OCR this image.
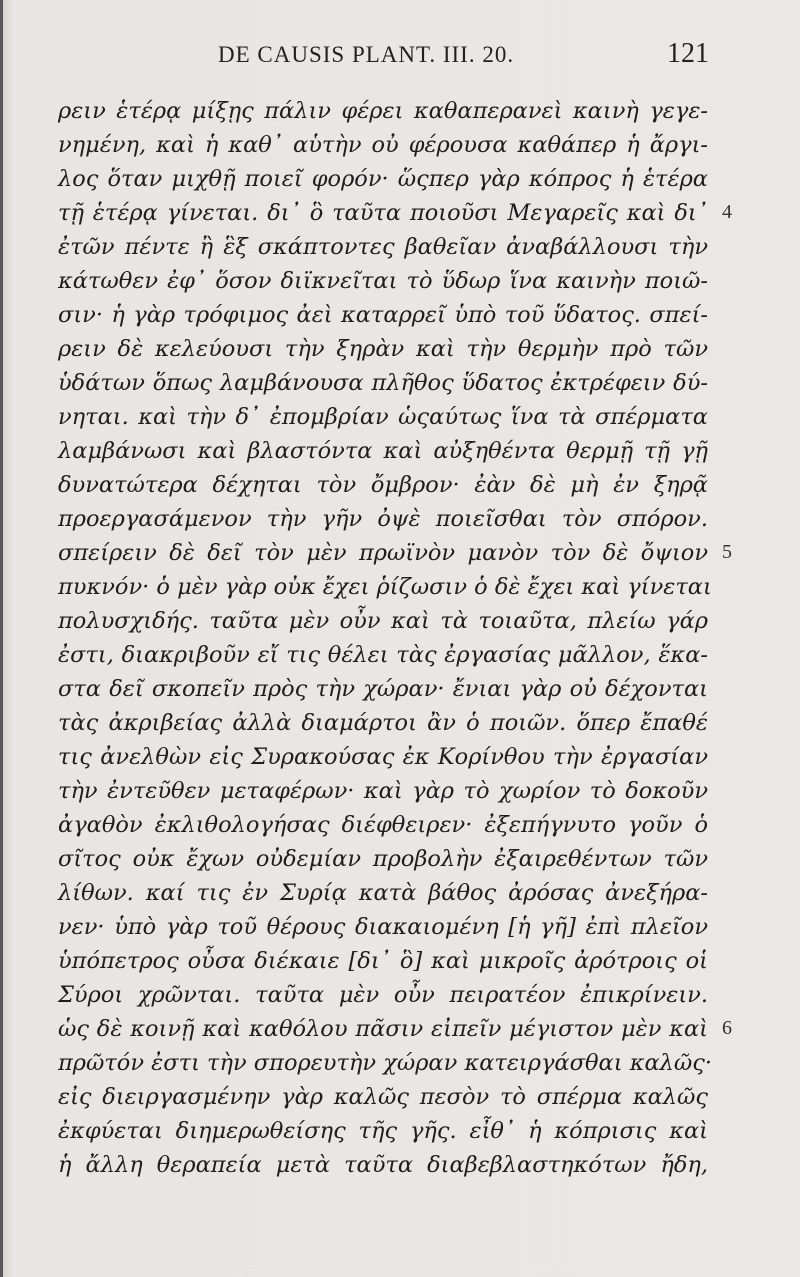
DE CAUSIS PLANT. III. 20.	121
ρειν ἑτέρᾳ μίξῃς πάλιν φέρει καθαπερανεὶ καινὴ γεγε-
νημένη, καὶ ἡ καθ᾽ αὑτὴν οὐ φέρουσα καθάπερ ἡ ἄργι-
λος ὅταν μιχθῇ ποιεῖ φορόν· ὥςπερ γὰρ κόπρος ἡ ἑτέρα
τῇ ἑτέρᾳ γίνεται. δι᾽ ὃ ταῦτα ποιοῦσι Μεγαρεῖς καὶ δι᾽
ἐτῶν πέντε ἢ ἓξ σκάπτοντες βαθεῖαν ἀναβάλλουσι τὴν
κάτωθεν ἐφ᾽ ὅσον διϊκνεῖται τὸ ὕδωρ ἵνα καινὴν ποιῶ-
σιν· ἡ γὰρ τρόφιμος ἀεὶ καταρρεῖ ὑπὸ τοῦ ὕδατος. σπεί-
ρειν δὲ κελεύουσι τὴν ξηρὰν καὶ τὴν θερμὴν πρὸ τῶν
ὑδάτων ὅπως λαμβάνουσα πλῆθος ὕδατος ἐκτρέφειν δύ-
νηται. καὶ τὴν δ᾽ ἐπομβρίαν ὡςαύτως ἵνα τὰ σπέρματα
λαμβάνωσι καὶ βλαστόντα καὶ αὐξηθέντα θερμῇ τῇ γῇ
δυνατώτερα δέχηται τὸν ὄμβρον· ἐὰν δὲ μὴ ἐν ξηρᾷ
προεργασάμενον τὴν γῆν ὀψὲ ποιεῖσθαι τὸν σπόρον.
σπείρειν δὲ δεῖ τὸν μὲν πρωϊνὸν μανὸν τὸν δὲ ὄψιον
πυκνόν· ὁ μὲν γὰρ οὐκ ἔχει ῥίζωσιν ὁ δὲ ἔχει καὶ γίνεται
πολυσχιδής. ταῦτα μὲν οὖν καὶ τὰ τοιαῦτα, πλείω γάρ
ἐστι, διακριβοῦν εἴ τις θέλει τὰς ἐργασίας μᾶλλον, ἕκα-
στα δεῖ σκοπεῖν πρὸς τὴν χώραν· ἔνιαι γὰρ οὐ δέχονται
τὰς ἀκριβείας ἀλλὰ διαμάρτοι ἂν ὁ ποιῶν. ὅπερ ἔπαθέ
τις ἀνελθὼν εἰς Συρακούσας ἐκ Κορίνθου τὴν ἐργασίαν
τὴν ἐντεῦθεν μεταφέρων· καὶ γὰρ τὸ χωρίον τὸ δοκοῦν
ἀγαθὸν ἐκλιθολογήσας διέφθειρεν· ἐξεπήγνυτο γοῦν ὁ
σῖτος οὐκ ἔχων οὐδεμίαν προβολὴν ἐξαιρεθέντων τῶν
λίθων. καί τις ἐν Συρίᾳ κατὰ βάθος ἀρόσας ἀνεξήρα-
νεν· ὑπὸ γὰρ τοῦ θέρους διακαιομένη [ἡ γῆ] ἐπὶ πλεῖον
ὑπόπετρος οὖσα διέκαιε [δι᾽ ὃ] καὶ μικροῖς ἀρότροις οἱ
Σύροι χρῶνται. ταῦτα μὲν οὖν πειρατέον ἐπικρίνειν.
ὡς δὲ κοινῇ καὶ καθόλου πᾶσιν εἰπεῖν μέγιστον μὲν καὶ
πρῶτόν ἐστι τὴν σπορευτὴν χώραν κατειργάσθαι καλῶς·
εἰς διειργασμένην γὰρ καλῶς πεσὸν τὸ σπέρμα καλῶς
ἐκφύεται διημερωθείσης τῆς γῆς. εἶθ᾽ ἡ κόπρισις καὶ
ἡ ἄλλη θεραπεία μετὰ ταῦτα διαβεβλαστηκότων ἤδη,
4
5
6
